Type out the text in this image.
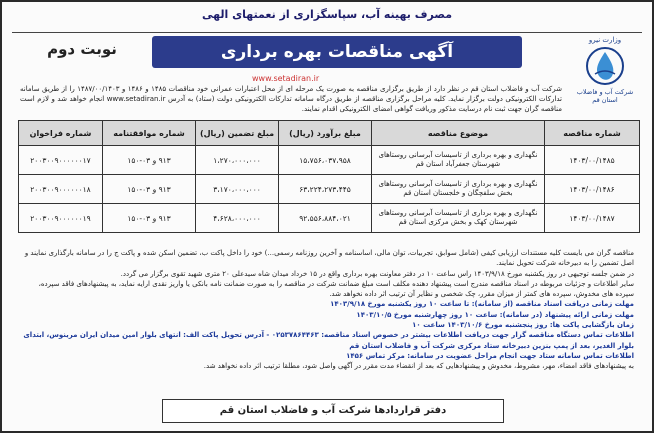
مصرف بهینه آب، سپاسگزاری از نعمتهای الهی
وزارت نیرو
شرکت آب و فاضلاب
استان قم
آگهی مناقصات بهره برداری
نوبت دوم
www.setadiran.ir
شرکت آب و فاضلاب استان قم در نظر دارد از طریق برگزاری مناقصه به صورت یک مرحله ای از محل اعتبارات عمرانی خود مناقصات ۱۴۸۵ و ۱۴۸۶ و ۱۴۸۷/۰۰/۱۴۰۳ را از طریق سامانه تدارکات الکترونیکی دولت برگزار نماید. کلیه مراحل برگزاری مناقصه از طریق درگاه سامانه تدارکات الکترونیکی دولت (ستاد) به آدرس www.setadiran.ir انجام خواهد شد و لازم است مناقصه گران جهت ثبت نام درسایت مذکور وریافت گواهی امضای الکترونیکی اقدام نمایند.
شماره مناقصه	موضوع مناقصه	مبلغ برآورد (ریال)	مبلغ تضمین (ریال)	شماره موافقتنامه	شماره فراخوان
۱۴۰۳/۰۰/۱۴۸۵	نگهداری و بهره برداری از تاسیسات آبرسانی روستاهای شهرستان جعفرآباد استان قم	۱۵،۷۵۶،۰۳۷،۹۵۸	۱،۲۷۰،۰۰۰،۰۰۰	۹۱۳ و ۰۳-۱۵۰	۲۰۰۳۰۰۹۰۰۰۰۰۰۱۷
۱۴۰۳/۰۰/۱۴۸۶	نگهداری و بهره برداری از تاسیسات آبرسانی روستاهای بخش سلفچگان و خلجستان استان قم	۶۳،۲۲۴،۲۷۳،۴۴۵	۳،۱۷۰،۰۰۰،۰۰۰	۹۱۳ و ۰۳-۱۵۰	۲۰۰۳۰۰۹۰۰۰۰۰۰۱۸
۱۴۰۳/۰۰/۱۴۸۷	نگهداری و بهره برداری از تاسیسات آبرسانی روستاهای شهرستان کهک و بخش مرکزی استان قم	۹۲،۵۵۶،۸۸۴،۰۲۱	۴،۶۲۸،۰۰۰،۰۰۰	۹۱۳ و ۰۳-۱۵۰	۲۰۰۳۰۰۹۰۰۰۰۰۰۱۹

مناقصه گران می بایست کلیه مستندات ارزیابی کیفی (شامل سوابق، تجربیات، توان مالی، اساسنامه و آخرین روزنامه رسمی...) خود را داخل پاکت ب، تضمین اسکن شده و پاکت ج را در سامانه بارگذاری نمایند و اصل تضمین را به دبیرخانه شرکت تحویل نمایند.

در ضمن جلسه توجیهی در روز یکشنبه مورخ ۱۴۰۳/۹/۱۸ راس ساعت ۱۰ در دفتر معاونت بهره برداری واقع در ۱۵ خرداد میدان شاه سیدعلی ۲۰ متری شهید تقوی برگزار می گردد.

سایر اطلاعات و جزئیات مربوطه در اسناد مناقصه مندرج است پیشنهاد دهنده مکلف است مبلغ ضمانت شرکت در مناقصه را به صورت ضمانت نامه بانکی یا واریز نقدی ارایه نماید، به پیشنهادهای فاقد سپرده، سپرده های مخدوش، سپرده های کمتر از میزان مقرر، چک شخصی و نظایر آن ترتیب اثر داده نخواهد شد.

مهلت زمانی دریافت اسناد مناقصه (از سامانه): تا ساعت ۱۰ روز یکشنبه مورخ ۱۴۰۳/۹/۱۸

مهلت زمانی ارائه پیشنهاد (در سامانه): ساعت ۱۰ روز چهارشنبه مورخ ۱۴۰۳/۱۰/۵

زمان بازگشایی پاکت ها: روز پنجشنبه مورخ ۱۴۰۳/۱۰/۶ ساعت ۱۰

اطلاعات تماس دستگاه مناقصه گزار جهت دریافت اطلاعات بیشتر در خصوص اسناد مناقصه: ۰۲۵۳۷۸۶۴۴۶۳ - آدرس تحویل پاکت الف: انتهای بلوار امین میدان ایران مرینوس، ابتدای بلوار الغدیر، بعد از پمپ بنزین دبیرخانه ستاد مرکزی شرکت آب و فاضلاب استان قم

اطلاعات تماس سامانه ستاد جهت انجام مراحل عضویت در سامانه: مرکز تماس ۱۴۵۶

به پیشنهادهای فاقد امضاء، مهر، مشروط، مخدوش و پیشنهادهایی که بعد از انقضاء مدت مقرر در آگهی واصل شود، مطلقا ترتیب اثر داده نخواهد شد.

دفتر قراردادها شرکت آب و فاضلاب استان قم
